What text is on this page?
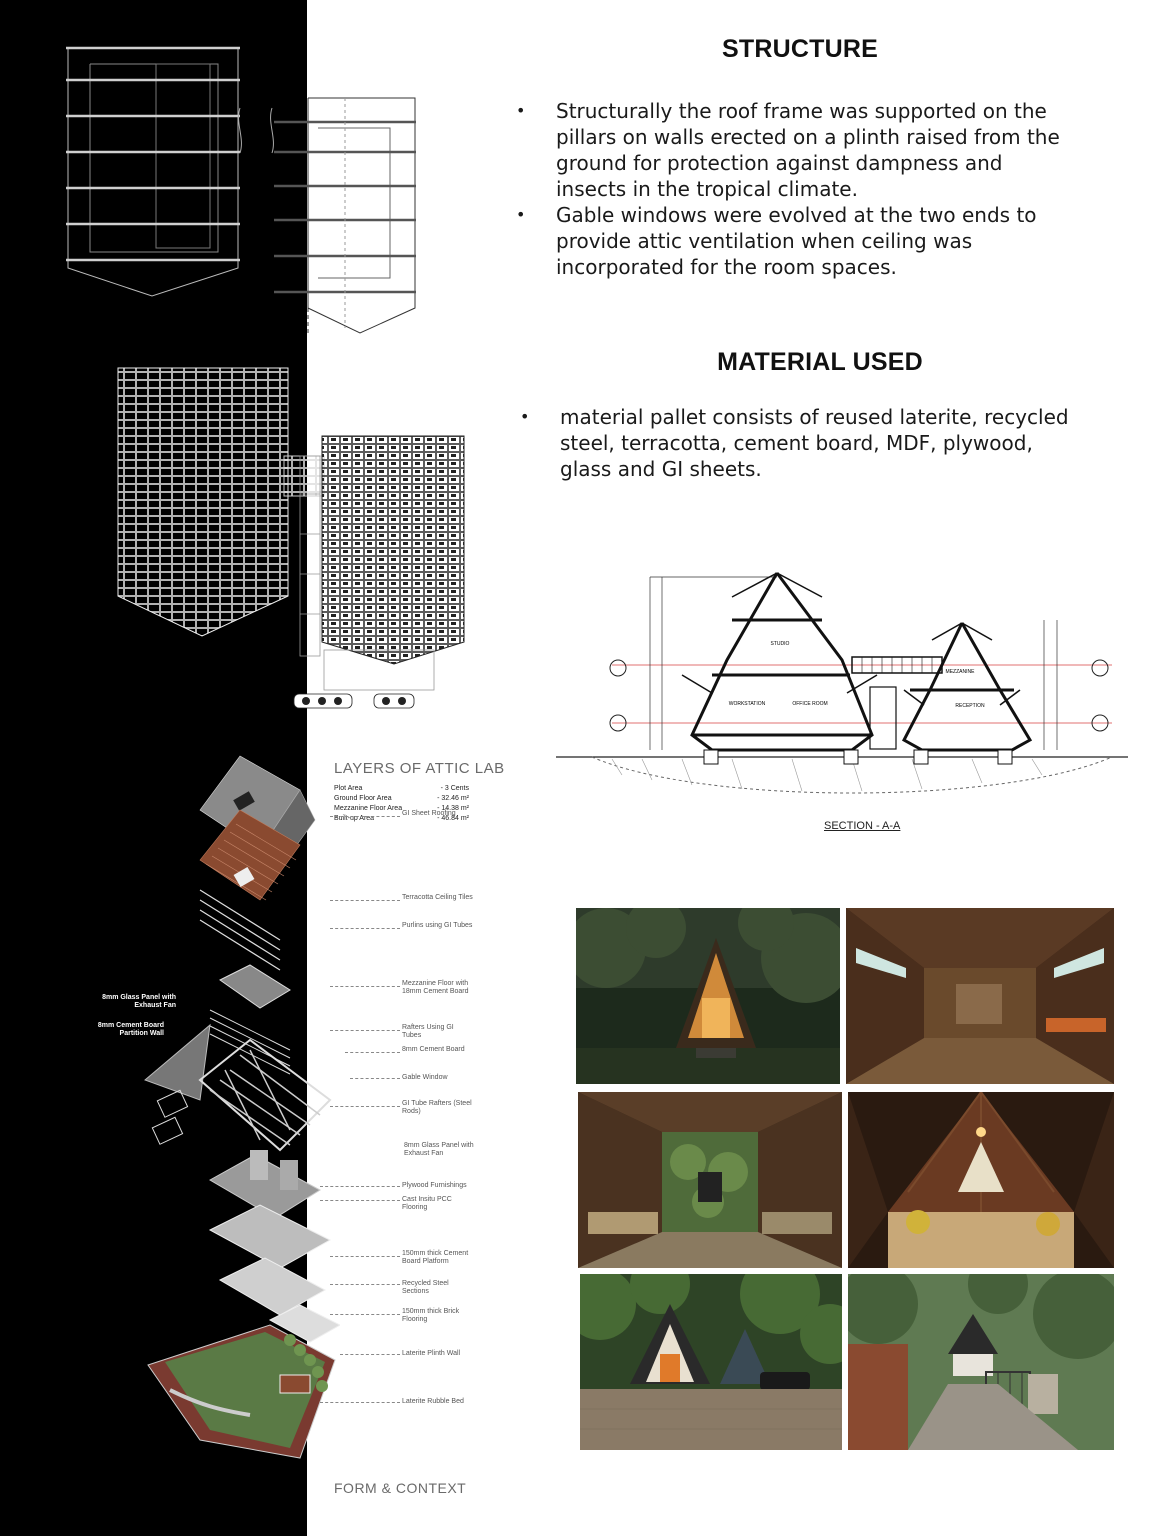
LAYERS OF ATTIC LAB
Plot Area	- 3 Cents
Ground Floor Area	- 32.46 m²
Mezzanine Floor Area	- 14.38 m²
Built-up Area	- 46.84 m²
GI Sheet Roofing
Terracotta Ceiling Tiles
Purlins using GI Tubes
Mezzanine Floor with 18mm Cement Board
Rafters Using GI Tubes
8mm Cement Board
Gable Window
GI Tube Rafters (Steel Rods)
8mm Glass Panel with Exhaust Fan
Plywood Furnishings
Cast Insitu PCC Flooring
150mm thick Cement Board Platform
Recycled Steel Sections
150mm thick Brick Flooring
Laterite Plinth Wall
Laterite Rubble Bed
8mm Glass Panel with Exhaust Fan
8mm Cement Board Partition Wall
FORM & CONTEXT
STRUCTURE
• Structurally the roof frame was supported on the pillars on walls erected on a plinth raised from the ground for protection against dampness and insects in the tropical climate.
• Gable windows were evolved at the two ends to provide attic ventilation when ceiling was incorporated for the room spaces.
MATERIAL USED
• material pallet consists of reused laterite, recycled steel, terracotta, cement board, MDF, plywood, glass and GI sheets.
STUDIO
WORKSTATION	OFFICE ROOM
MEZZANINE
RECEPTION
SECTION - A-A
